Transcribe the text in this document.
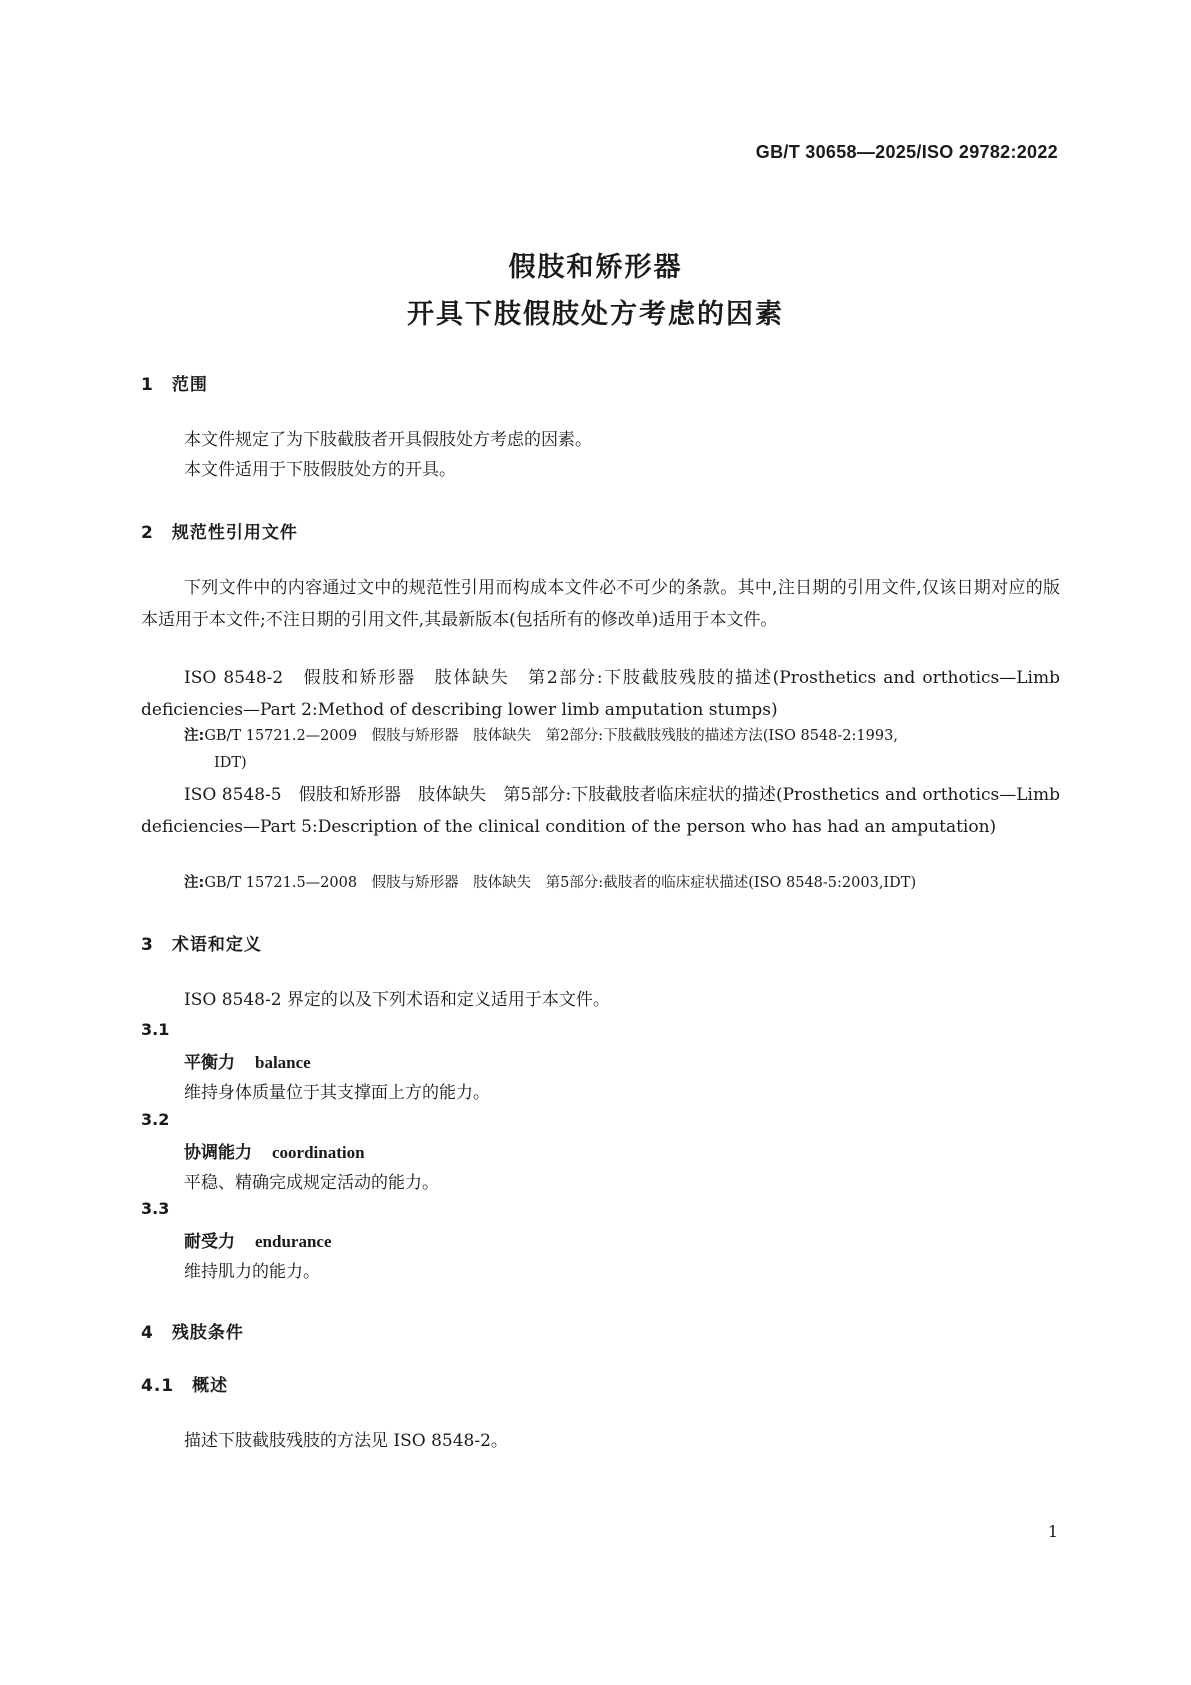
GB/T 30658—2025/ISO 29782:2022
假肢和矫形器
开具下肢假肢处方考虑的因素
1 范围
本文件规定了为下肢截肢者开具假肢处方考虑的因素。
本文件适用于下肢假肢处方的开具。
2 规范性引用文件
下列文件中的内容通过文中的规范性引用而构成本文件必不可少的条款。其中,注日期的引用文件,仅该日期对应的版本适用于本文件;不注日期的引用文件,其最新版本(包括所有的修改单)适用于本文件。
ISO 8548-2　假肢和矫形器　肢体缺失　第2部分:下肢截肢残肢的描述(Prosthetics and orthotics—Limb deficiencies—Part 2:Method of describing lower limb amputation stumps)
注:GB/T 15721.2—2009　假肢与矫形器　肢体缺失　第2部分:下肢截肢残肢的描述方法(ISO 8548-2:1993,
IDT)
ISO 8548-5　假肢和矫形器　肢体缺失　第5部分:下肢截肢者临床症状的描述(Prosthetics and orthotics—Limb deficiencies—Part 5:Description of the clinical condition of the person who has had an amputation)
注:GB/T 15721.5—2008　假肢与矫形器　肢体缺失　第5部分:截肢者的临床症状描述(ISO 8548-5:2003,IDT)
3 术语和定义
ISO 8548-2 界定的以及下列术语和定义适用于本文件。
3.1
平衡力 balance
维持身体质量位于其支撑面上方的能力。
3.2
协调能力 coordination
平稳、精确完成规定活动的能力。
3.3
耐受力 endurance
维持肌力的能力。
4 残肢条件
4.1 概述
描述下肢截肢残肢的方法见 ISO 8548-2。
1
